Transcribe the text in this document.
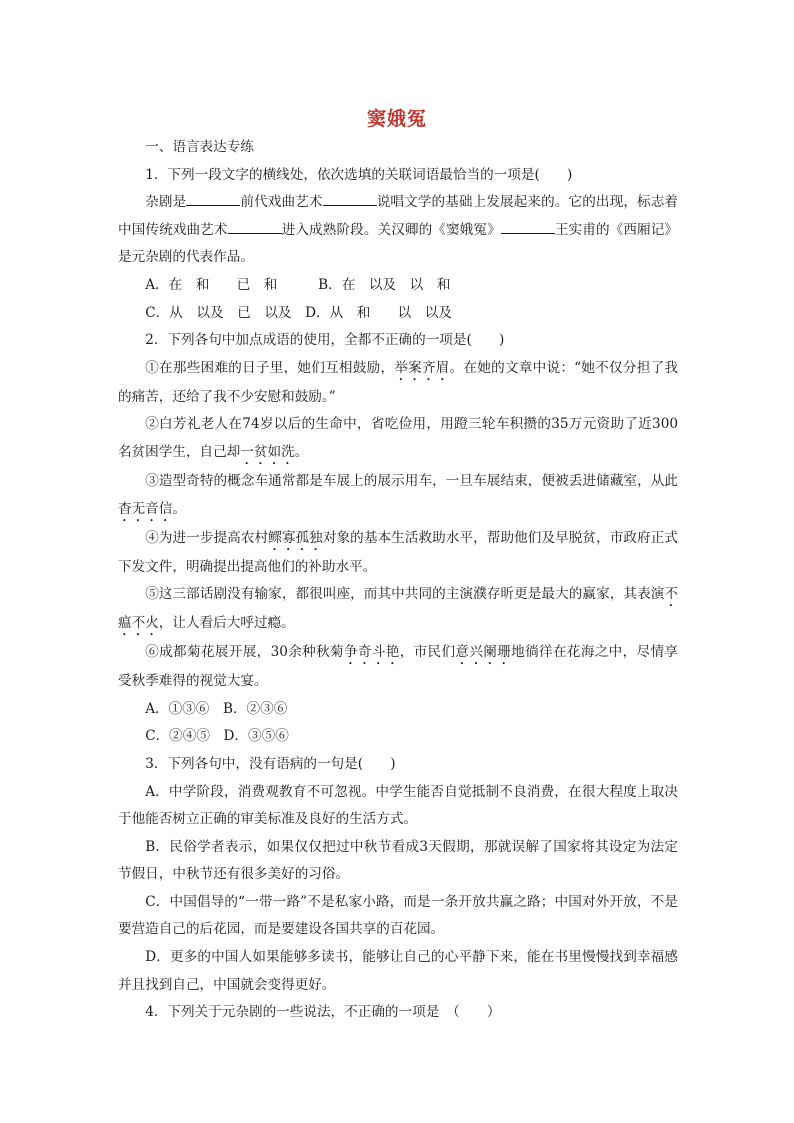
窦娥冤

一、语言表达专练

1．下列一段文字的横线处，依次选填的关联词语最恰当的一项是(　　)

杂剧是	前代戏曲艺术	说唱文学的基础上发展起来的。它的出现，标志着中国传统戏曲艺术	进入成熟阶段。关汉卿的《窦娥冤》	王实甫的《西厢记》是元杂剧的代表作品。

A．在　和　　已　和　　　B．在　以及　以　和

C．从　以及　已　以及　D．从　和　　以　以及

2．下列各句中加点成语的使用，全都不正确的一项是(　　)

①在那些困难的日子里，她们互相鼓励，举案齐眉。在她的文章中说：“她不仅分担了我的痛苦，还给了我不少安慰和鼓励。”

②白芳礼老人在74岁以后的生命中，省吃俭用，用蹬三轮车积攒的35万元资助了近300名贫困学生，自己却一贫如洗。

③造型奇特的概念车通常都是车展上的展示用车，一旦车展结束，便被丢进储藏室，从此杳无音信。

④为进一步提高农村鳏寡孤独对象的基本生活救助水平，帮助他们及早脱贫，市政府正式下发文件，明确提出提高他们的补助水平。

⑤这三部话剧没有输家，都很叫座，而其中共同的主演濮存昕更是最大的赢家，其表演不瘟不火，让人看后大呼过瘾。

⑥成都菊花展开展，30余种秋菊争奇斗艳，市民们意兴阑珊地徜徉在花海之中，尽情享受秋季难得的视觉大宴。

A．①③⑥　B．②③⑥

C．②④⑤　D．③⑤⑥

3．下列各句中，没有语病的一句是(　　)

A．中学阶段，消费观教育不可忽视。中学生能否自觉抵制不良消费，在很大程度上取决于他能否树立正确的审美标准及良好的生活方式。

B．民俗学者表示，如果仅仅把过中秋节看成3天假期，那就误解了国家将其设定为法定节假日，中秋节还有很多美好的习俗。

C．中国倡导的“一带一路”不是私家小路，而是一条开放共赢之路；中国对外开放，不是要营造自己的后花园，而是要建设各国共享的百花园。

D．更多的中国人如果能够多读书，能够让自己的心平静下来，能在书里慢慢找到幸福感并且找到自己，中国就会变得更好。

4．下列关于元杂剧的一些说法，不正确的一项是　（　　）
